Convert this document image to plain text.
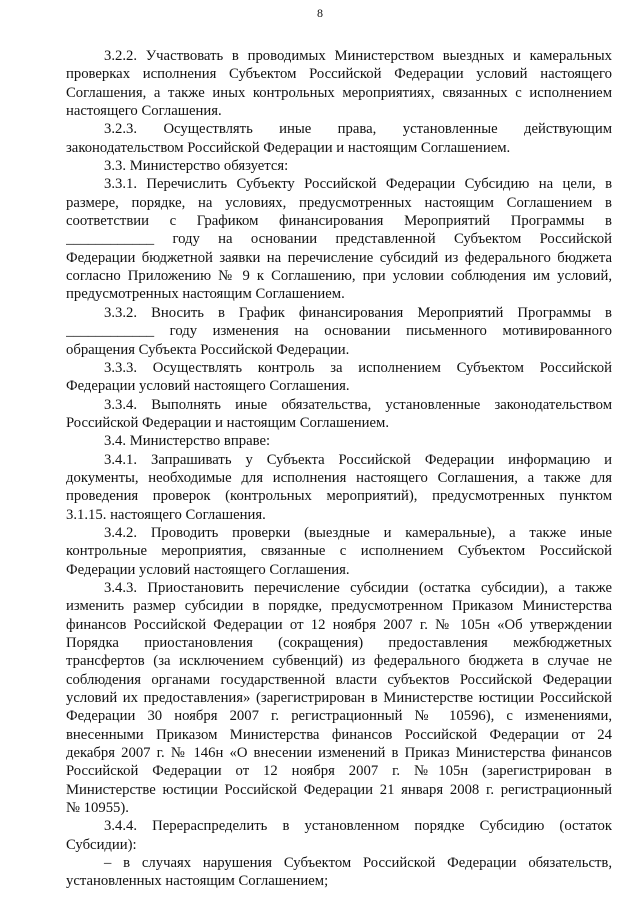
8

3.2.2. Участвовать в проводимых Министерством выездных и камеральных

проверках исполнения Субъектом Российской Федерации условий настоящего

Соглашения, а также иных контрольных мероприятиях, связанных с исполнением

настоящего Соглашения.

3.2.3. Осуществлять иные права, установленные действующим

законодательством Российской Федерации и настоящим Соглашением.

3.3. Министерство обязуется:

3.3.1. Перечислить Субъекту Российской Федерации Субсидию на цели, в

размере, порядке, на условиях, предусмотренных настоящим Соглашением в

соответствии с Графиком финансирования Мероприятий Программы в

____________ году на основании представленной Субъектом Российской

Федерации бюджетной заявки на перечисление субсидий из федерального бюджета

согласно Приложению № 9 к Соглашению, при условии соблюдения им условий,

предусмотренных настоящим Соглашением.

3.3.2. Вносить в График финансирования Мероприятий Программы в

____________ году изменения на основании письменного мотивированного

обращения Субъекта Российской Федерации.

3.3.3. Осуществлять контроль за исполнением Субъектом Российской

Федерации условий настоящего Соглашения.

3.3.4. Выполнять иные обязательства, установленные законодательством

Российской Федерации и настоящим Соглашением.

3.4. Министерство вправе:

3.4.1. Запрашивать у Субъекта Российской Федерации информацию и

документы, необходимые для исполнения настоящего Соглашения, а также для

проведения проверок (контрольных мероприятий), предусмотренных пунктом

3.1.15. настоящего Соглашения.

3.4.2. Проводить проверки (выездные и камеральные), а также иные

контрольные мероприятия, связанные с исполнением Субъектом Российской

Федерации условий настоящего Соглашения.

3.4.3. Приостановить перечисление субсидии (остатка субсидии), а также

изменить размер субсидии в порядке, предусмотренном Приказом Министерства

финансов Российской Федерации от 12 ноября 2007 г. № 105н «Об утверждении

Порядка приостановления (сокращения) предоставления межбюджетных

трансфертов (за исключением субвенций) из федерального бюджета в случае не

соблюдения органами государственной власти субъектов Российской Федерации

условий их предоставления» (зарегистрирован в Министерстве юстиции Российской

Федерации 30 ноября 2007 г. регистрационный № 10596), с изменениями,

внесенными Приказом Министерства финансов Российской Федерации от 24

декабря 2007 г. № 146н «О внесении изменений в Приказ Министерства финансов

Российской Федерации от 12 ноября 2007 г. №105н (зарегистрирован в

Министерстве юстиции Российской Федерации 21 января 2008 г. регистрационный

№ 10955).

3.4.4. Перераспределить в установленном порядке Субсидию (остаток

Субсидии):

– в случаях нарушения Субъектом Российской Федерации обязательств,

установленных настоящим Соглашением;
